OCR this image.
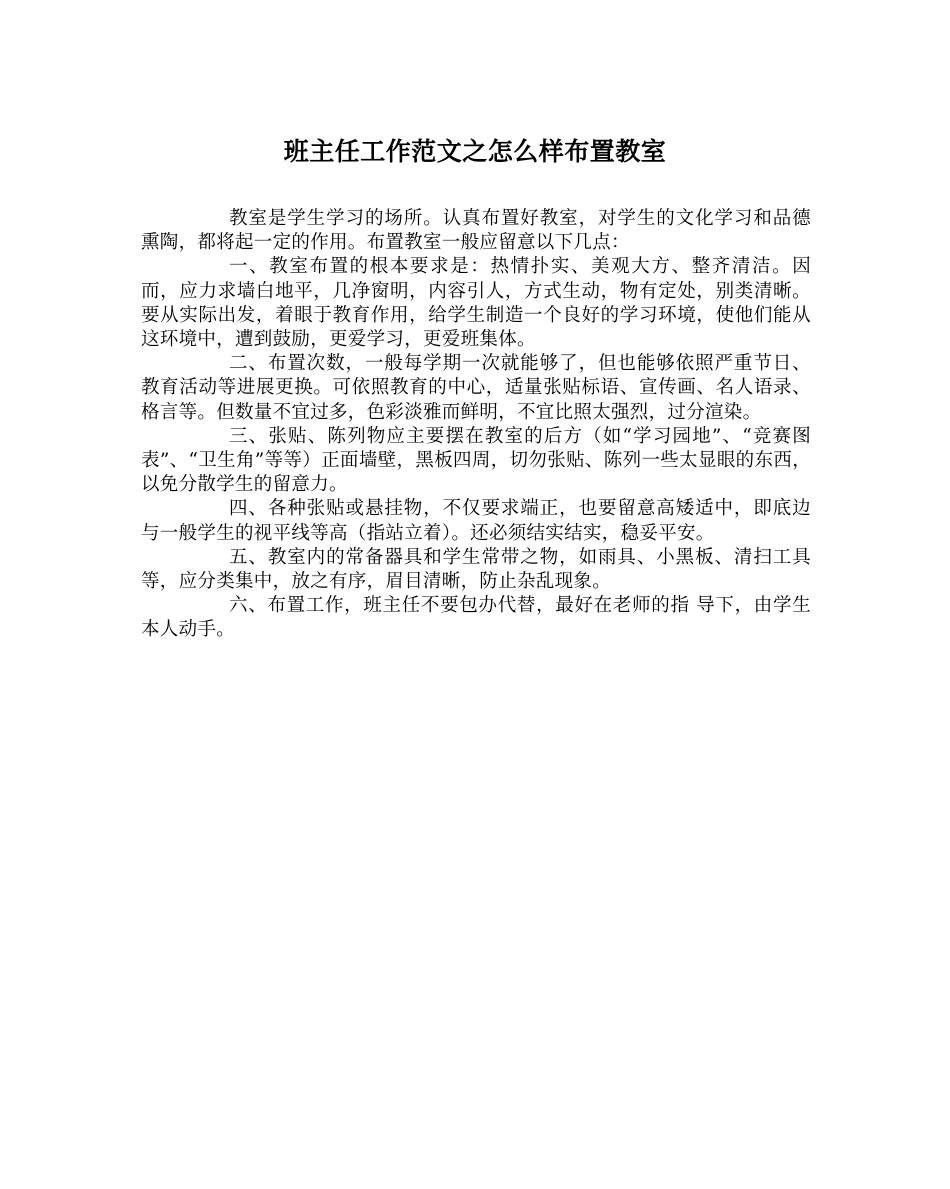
班主任工作范文之怎么样布置教室

教室是学生学习的场所。认真布置好教室，对学生的文化学习和品德熏陶，都将起一定的作用。布置教室一般应留意以下几点：

一、教室布置的根本要求是：热情扑实、美观大方、整齐清洁。因而，应力求墙白地平，几净窗明，内容引人，方式生动，物有定处，别类清晰。要从实际出发，着眼于教育作用，给学生制造一个良好的学习环境，使他们能从这环境中，遭到鼓励，更爱学习，更爱班集体。

二、布置次数，一般每学期一次就能够了，但也能够依照严重节日、教育活动等进展更换。可依照教育的中心，适量张贴标语、宣传画、名人语录、格言等。但数量不宜过多，色彩淡雅而鲜明，不宜比照太强烈，过分渲染。

三、张贴、陈列物应主要摆在教室的后方（如“学习园地”、“竞赛图表”、“卫生角”等等）正面墙壁，黑板四周，切勿张贴、陈列一些太显眼的东西，以免分散学生的留意力。

四、各种张贴或悬挂物，不仅要求端正，也要留意高矮适中，即底边与一般学生的视平线等高（指站立着）。还必须结实结实，稳妥平安。

五、教室内的常备器具和学生常带之物，如雨具、小黑板、清扫工具等，应分类集中，放之有序，眉目清晰，防止杂乱现象。

六、布置工作，班主任不要包办代替，最好在老师的指 导下，由学生本人动手。
